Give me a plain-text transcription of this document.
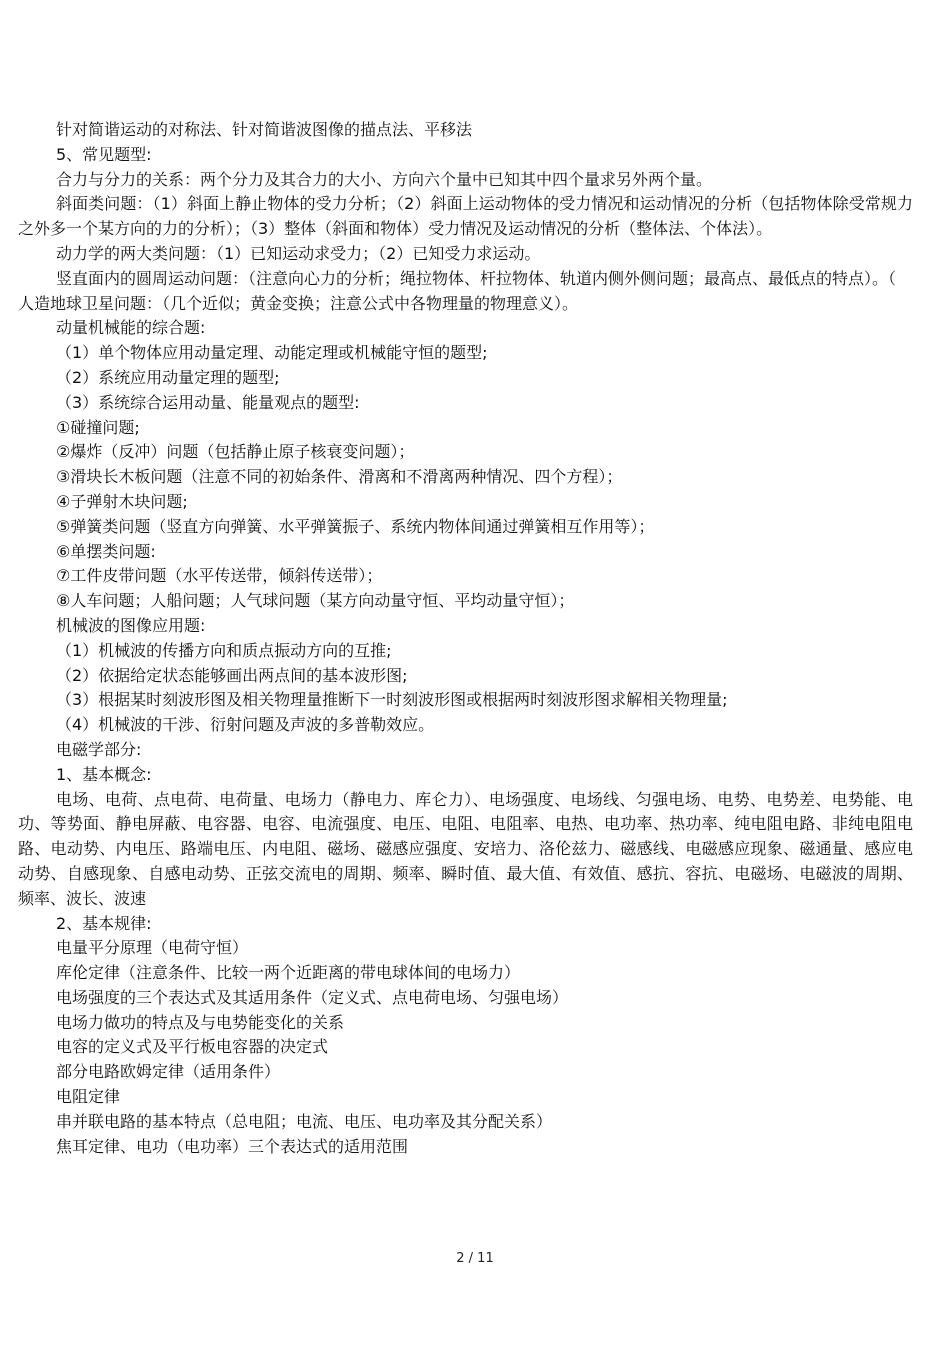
针对简谐运动的对称法、针对简谐波图像的描点法、平移法

5、常见题型:

合力与分力的关系：两个分力及其合力的大小、方向六个量中已知其中四个量求另外两个量。

斜面类问题：（1）斜面上静止物体的受力分析；（2）斜面上运动物体的受力情况和运动情况的分析（包括物体除受常规力之外多一个某方向的力的分析）；（3）整体（斜面和物体）受力情况及运动情况的分析（整体法、个体法）。

动力学的两大类问题：（1）已知运动求受力；（2）已知受力求运动。

竖直面内的圆周运动问题：（注意向心力的分析；绳拉物体、杆拉物体、轨道内侧外侧问题；最高点、最低点的特点）。（

人造地球卫星问题：（几个近似；黄金变换；注意公式中各物理量的物理意义）。

动量机械能的综合题:

（1）单个物体应用动量定理、动能定理或机械能守恒的题型;

（2）系统应用动量定理的题型;

（3）系统综合运用动量、能量观点的题型:

①碰撞问题;

②爆炸（反冲）问题（包括静止原子核衰变问题）；

③滑块长木板问题（注意不同的初始条件、滑离和不滑离两种情况、四个方程）；

④子弹射木块问题;

⑤弹簧类问题（竖直方向弹簧、水平弹簧振子、系统内物体间通过弹簧相互作用等）；

⑥单摆类问题:

⑦工件皮带问题（水平传送带，倾斜传送带）；

⑧人车问题；人船问题；人气球问题（某方向动量守恒、平均动量守恒）；

机械波的图像应用题:

（1）机械波的传播方向和质点振动方向的互推;

（2）依据给定状态能够画出两点间的基本波形图;

（3）根据某时刻波形图及相关物理量推断下一时刻波形图或根据两时刻波形图求解相关物理量;

（4）机械波的干涉、衍射问题及声波的多普勒效应。

电磁学部分:

1、基本概念:

电场、电荷、点电荷、电荷量、电场力（静电力、库仑力）、电场强度、电场线、匀强电场、电势、电势差、电势能、电功、等势面、静电屏蔽、电容器、电容、电流强度、电压、电阻、电阻率、电热、电功率、热功率、纯电阻电路、非纯电阻电路、电动势、内电压、路端电压、内电阻、磁场、磁感应强度、安培力、洛伦兹力、磁感线、电磁感应现象、磁通量、感应电动势、自感现象、自感电动势、正弦交流电的周期、频率、瞬时值、最大值、有效值、感抗、容抗、电磁场、电磁波的周期、频率、波长、波速

2、基本规律:

电量平分原理（电荷守恒）

库伦定律（注意条件、比较一两个近距离的带电球体间的电场力）

电场强度的三个表达式及其适用条件（定义式、点电荷电场、匀强电场）

电场力做功的特点及与电势能变化的关系

电容的定义式及平行板电容器的决定式

部分电路欧姆定律（适用条件）

电阻定律

串并联电路的基本特点（总电阻；电流、电压、电功率及其分配关系）

焦耳定律、电功（电功率）三个表达式的适用范围

2 / 11
